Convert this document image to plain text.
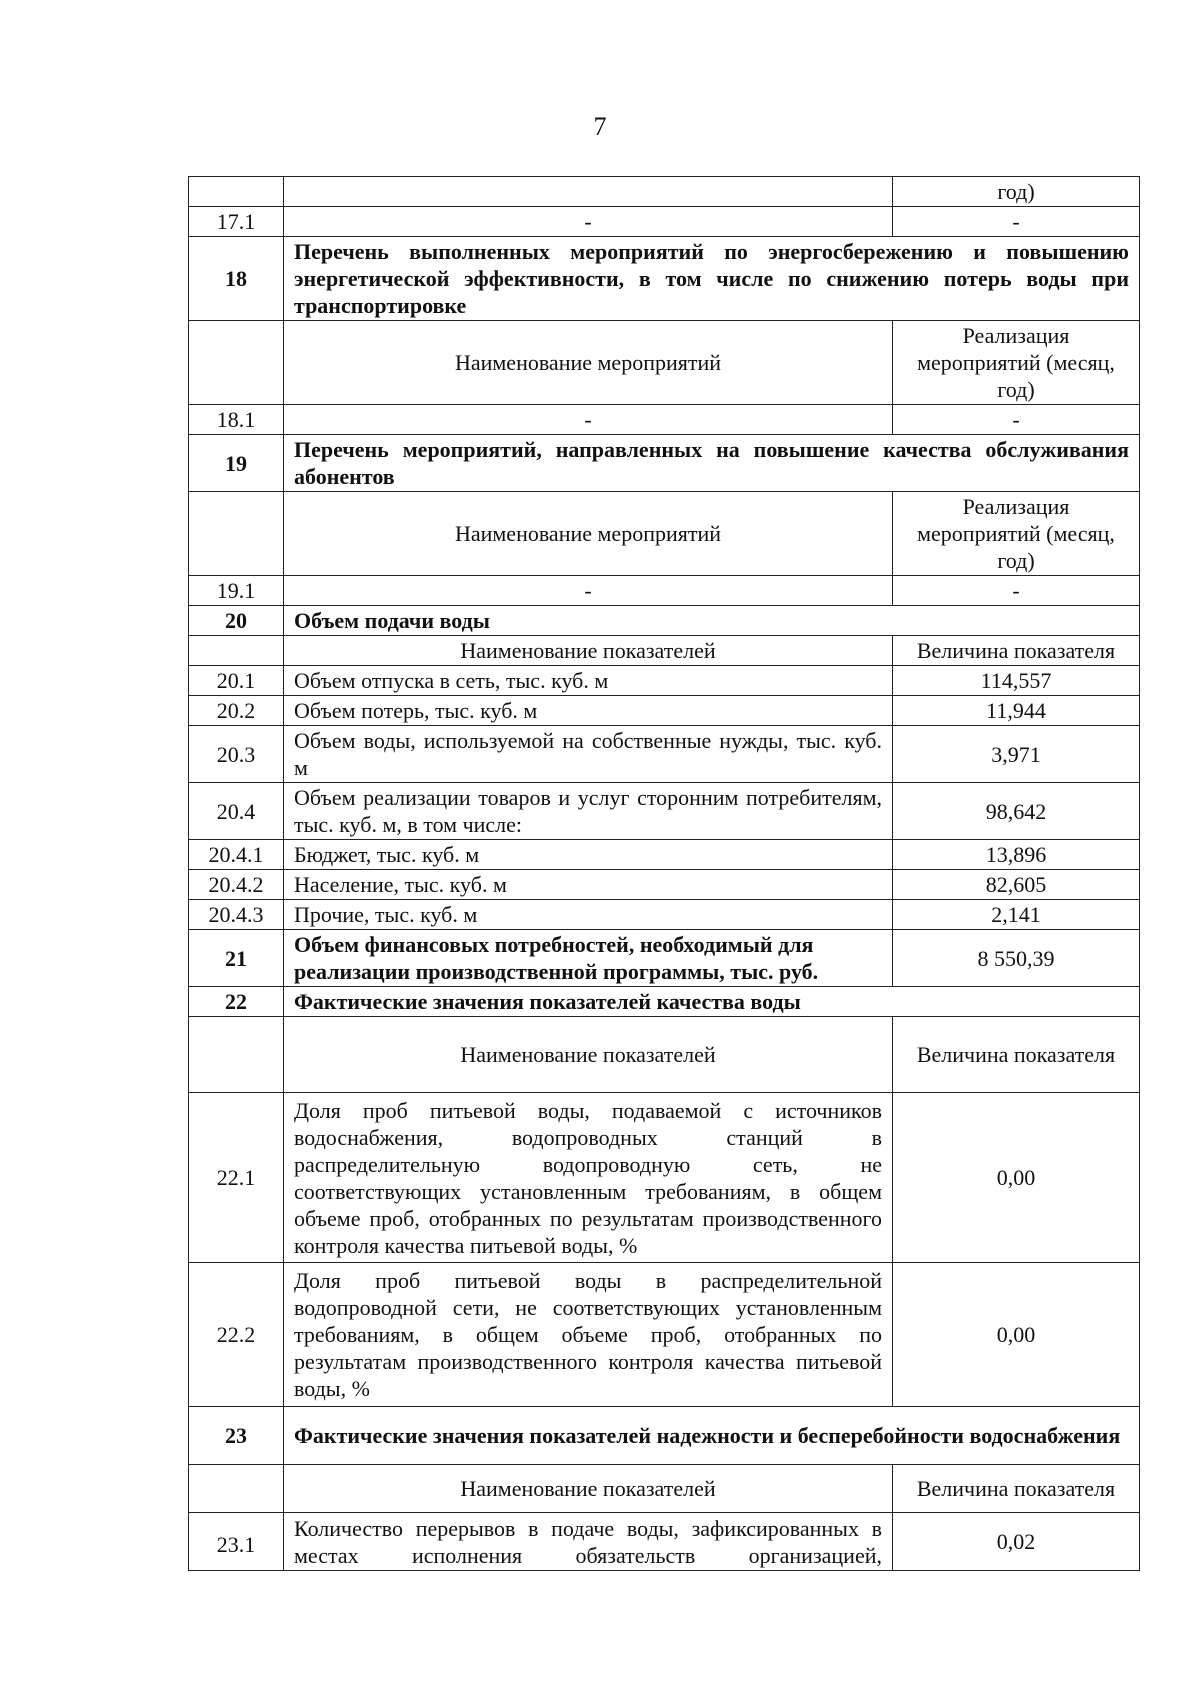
7
		год)
17.1	-	-
18	Перечень выполненных мероприятий по энергосбережению и повышению энергетической эффективности, в том числе по снижению потерь воды при транспортировке	
	Наименование мероприятий	Реализация мероприятий (месяц, год)
18.1	-	-
19	Перечень мероприятий, направленных на повышение качества обслуживания абонентов	
	Наименование мероприятий	Реализация мероприятий (месяц, год)
19.1	-	-
20	Объем подачи воды	
	Наименование показателей	Величина показателя
20.1	Объем отпуска в сеть, тыс. куб. м	114,557
20.2	Объем потерь, тыс. куб. м	11,944
20.3	Объем воды, используемой на собственные нужды, тыс. куб. м	3,971
20.4	Объем реализации товаров и услуг сторонним потребителям, тыс. куб. м, в том числе:	98,642
20.4.1	Бюджет, тыс. куб. м	13,896
20.4.2	Население, тыс. куб. м	82,605
20.4.3	Прочие, тыс. куб. м	2,141
21	Объем финансовых потребностей, необходимый для реализации производственной программы, тыс. руб.	8 550,39
22	Фактические значения показателей качества воды	
	Наименование показателей	Величина показателя
22.1	Доля проб питьевой воды, подаваемой с источников водоснабжения, водопроводных станций в распределительную водопроводную сеть, не соответствующих установленным требованиям, в общем объеме проб, отобранных по результатам производственного контроля качества питьевой воды, %	0,00
22.2	Доля проб питьевой воды в распределительной водопроводной сети, не соответствующих установленным требованиям, в общем объеме проб, отобранных по результатам производственного контроля качества питьевой воды, %	0,00
23	Фактические значения показателей надежности и бесперебойности водоснабжения	
	Наименование показателей	Величина показателя
23.1	Количество перерывов в подаче воды, зафиксированных в местах исполнения обязательств организацией,	0,02
